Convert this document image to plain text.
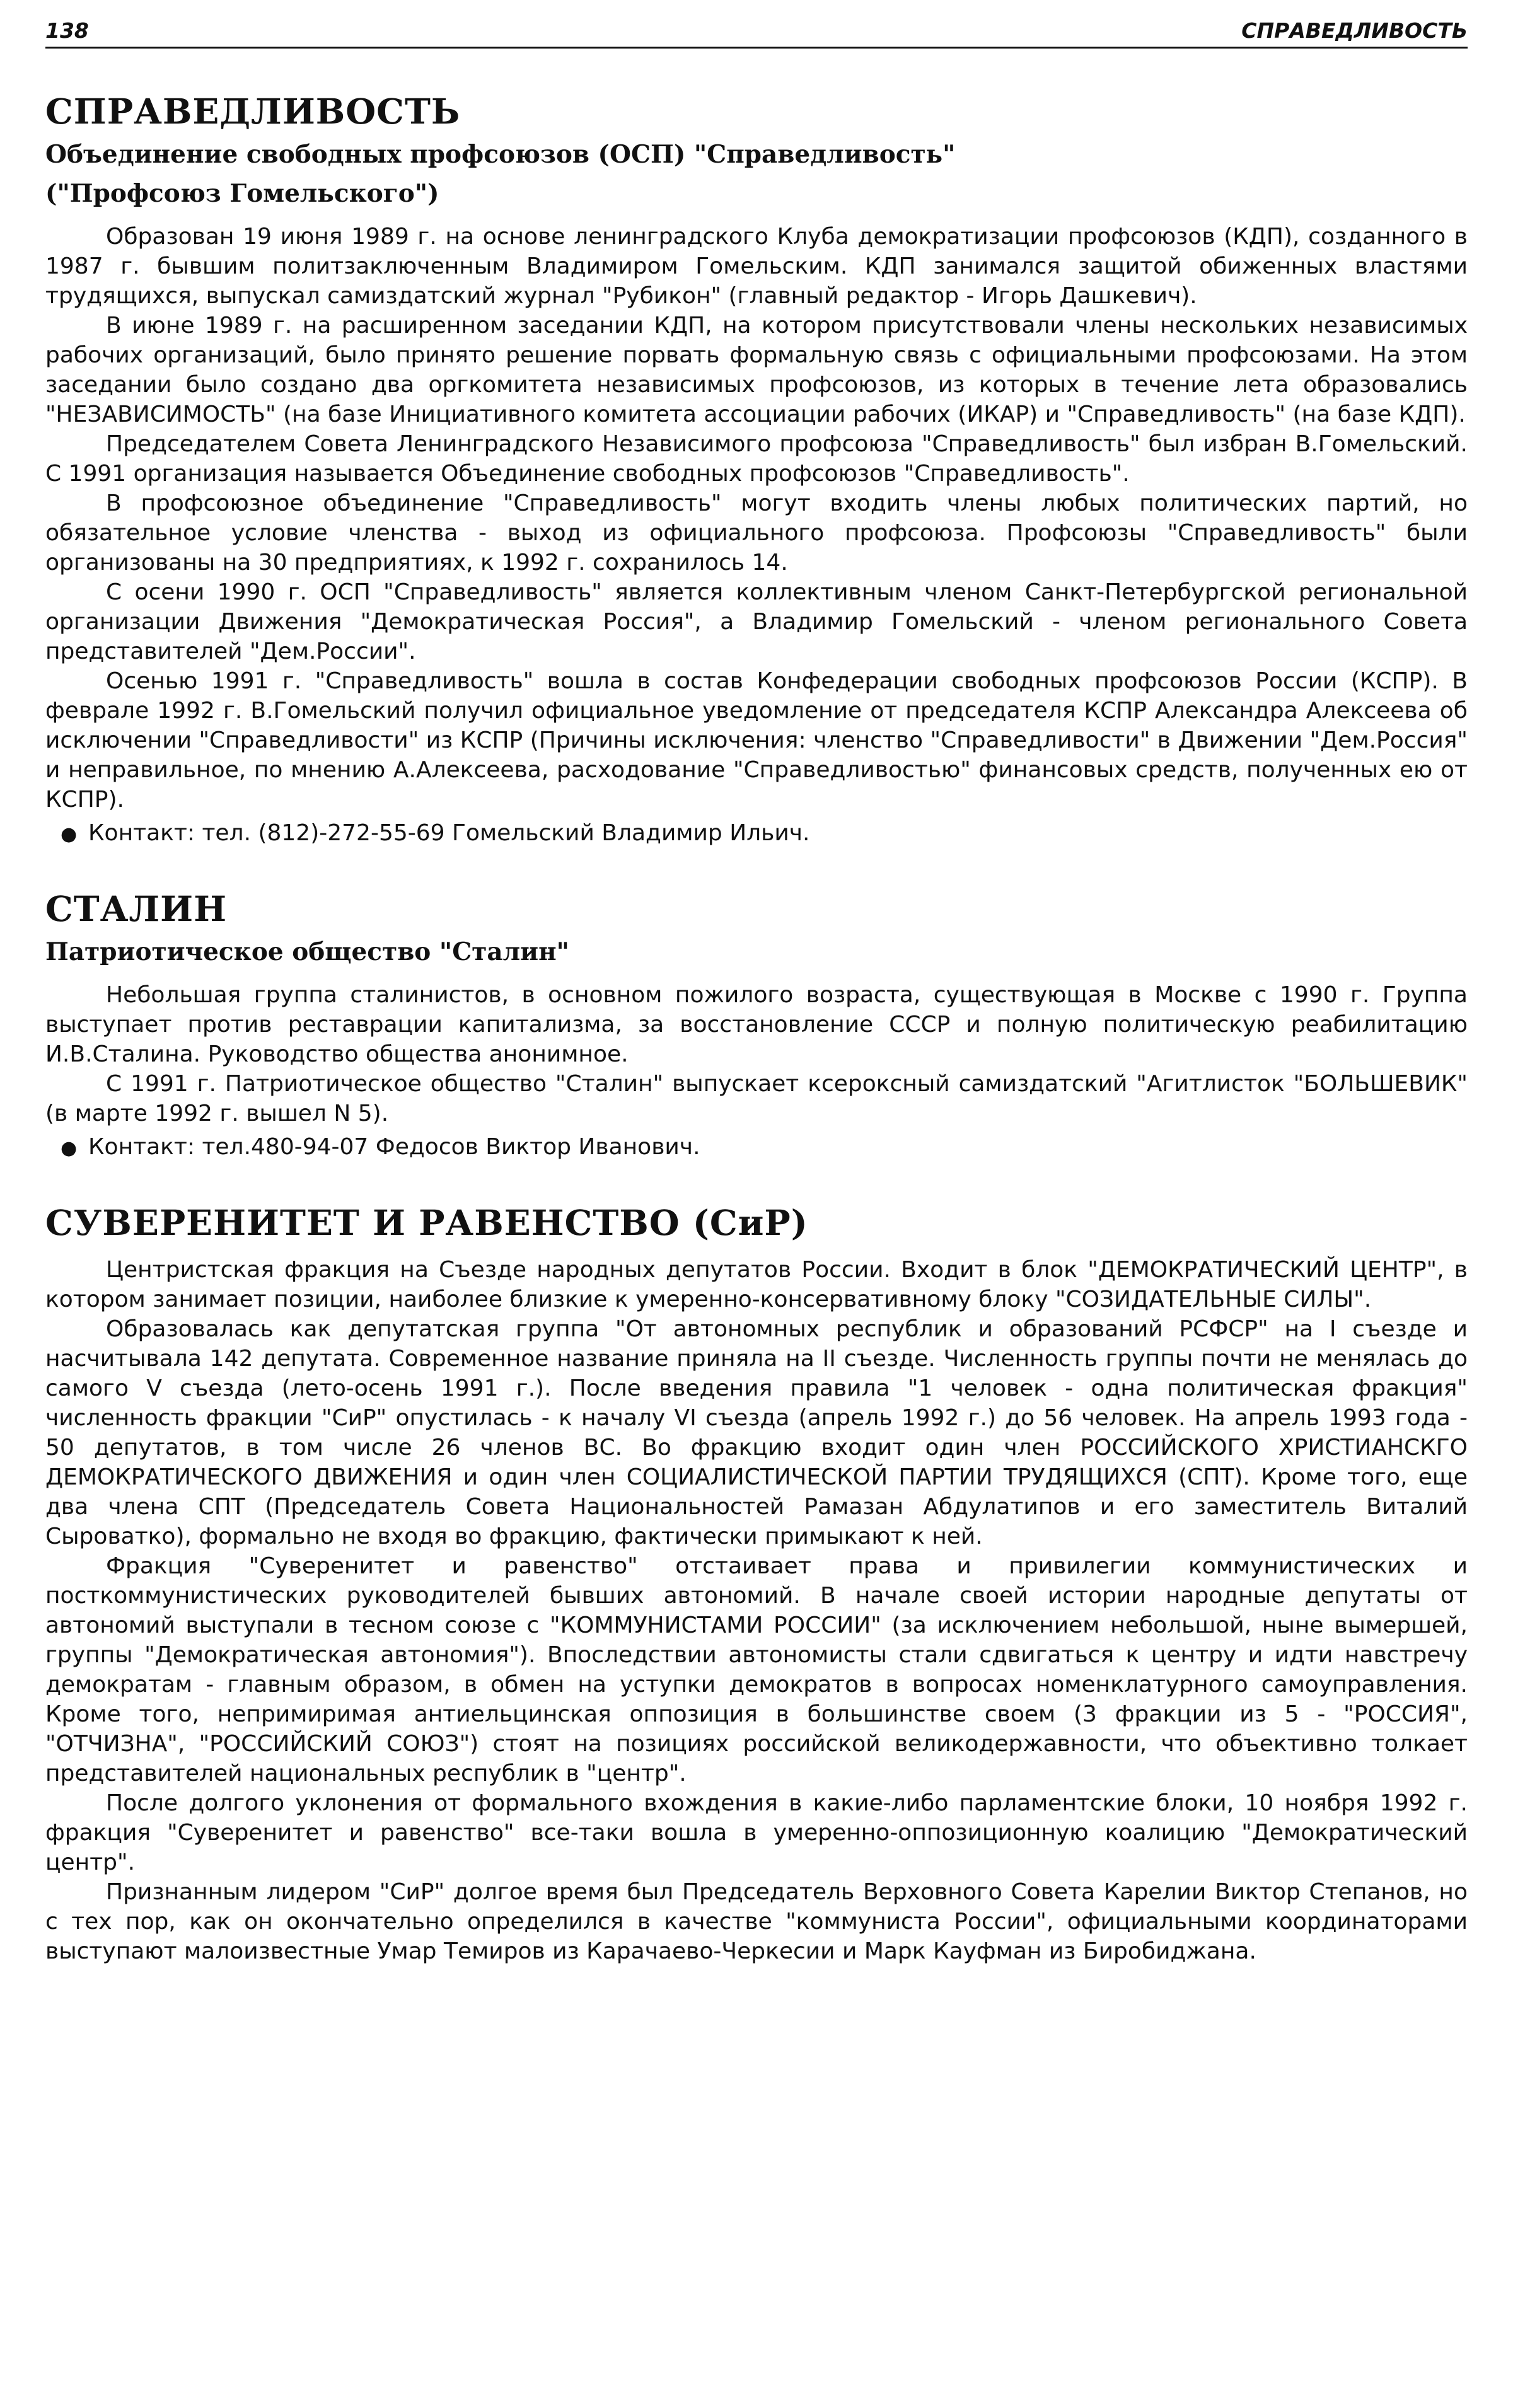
138	СПРАВЕДЛИВОСТЬ
СПРАВЕДЛИВОСТЬ
Объединение свободных профсоюзов (ОСП) "Справедливость"
("Профсоюз Гомельского")

Образован 19 июня 1989 г. на основе ленинградского Клуба демократизации профсоюзов (КДП), созданного в 1987 г. бывшим политзаключенным Владимиром Гомельским. КДП занимался защитой обиженных властями трудящихся, выпускал самиздатский журнал "Рубикон" (главный редактор - Игорь Дашкевич).

В июне 1989 г. на расширенном заседании КДП, на котором присутствовали члены нескольких независимых рабочих организаций, было принято решение порвать формальную связь с официальными профсоюзами. На этом заседании было создано два оргкомитета независимых профсоюзов, из которых в течение лета образовались "НЕЗАВИСИМОСТЬ" (на базе Инициативного комитета ассоциации рабочих (ИКАР) и "Справедливость" (на базе КДП).

Председателем Совета Ленинградского Независимого профсоюза "Справедливость" был избран В.Гомельский. С 1991 организация называется Объединение свободных профсоюзов "Справедливость".

В профсоюзное объединение "Справедливость" могут входить члены любых политических партий, но обязательное условие членства - выход из официального профсоюза. Профсоюзы "Справедливость" были организованы на 30 предприятиях, к 1992 г. сохранилось 14.

С осени 1990 г. ОСП "Справедливость" является коллективным членом Санкт-Петербургской региональной организации Движения "Демократическая Россия", а Владимир Гомельский - членом регионального Совета представителей "Дем.России".

Осенью 1991 г. "Справедливость" вошла в состав Конфедерации свободных профсоюзов России (КСПР). В феврале 1992 г. В.Гомельский получил официальное уведомление от председателя КСПР Александра Алексеева об исключении "Справедливости" из КСПР (Причины исключения: членство "Справедливости" в Движении "Дем.Россия" и неправильное, по мнению А.Алексеева, расходование "Справедливостью" финансовых средств, полученных ею от КСПР).

● Контакт: тел. (812)-272-55-69 Гомельский Владимир Ильич.

СТАЛИН
Патриотическое общество "Сталин"

Небольшая группа сталинистов, в основном пожилого возраста, существующая в Москве с 1990 г. Группа выступает против реставрации капитализма, за восстановление СССР и полную политическую реабилитацию И.В.Сталина. Руководство общества анонимное.

С 1991 г. Патриотическое общество "Сталин" выпускает ксероксный самиздатский "Агитлисток "БОЛЬШЕВИК" (в марте 1992 г. вышел N 5).

● Контакт: тел.480-94-07 Федосов Виктор Иванович.

СУВЕРЕНИТЕТ И РАВЕНСТВО (СиР)

Центристская фракция на Съезде народных депутатов России. Входит в блок "ДЕМОКРАТИЧЕСКИЙ ЦЕНТР", в котором занимает позиции, наиболее близкие к умеренно-консервативному блоку "СОЗИДАТЕЛЬНЫЕ СИЛЫ".

Образовалась как депутатская группа "От автономных республик и образований РСФСР" на I съезде и насчитывала 142 депутата. Современное название приняла на II съезде. Численность группы почти не менялась до самого V съезда (лето-осень 1991 г.). После введения правила "1 человек - одна политическая фракция" численность фракции "СиР" опустилась - к началу VI съезда (апрель 1992 г.) до 56 человек. На апрель 1993 года - 50 депутатов, в том числе 26 членов ВС. Во фракцию входит один член РОССИЙСКОГО ХРИСТИАНСКГО ДЕМОКРАТИЧЕСКОГО ДВИЖЕНИЯ и один член СОЦИАЛИСТИЧЕСКОЙ ПАРТИИ ТРУДЯЩИХСЯ (СПТ). Кроме того, еще два члена СПТ (Председатель Совета Национальностей Рамазан Абдулатипов и его заместитель Виталий Сыроватко), формально не входя во фракцию, фактически примыкают к ней.

Фракция "Суверенитет и равенство" отстаивает права и привилегии коммунистических и посткоммунистических руководителей бывших автономий. В начале своей истории народные депутаты от автономий выступали в тесном союзе с "КОММУНИСТАМИ РОССИИ" (за исключением небольшой, ныне вымершей, группы "Демократическая автономия"). Впоследствии автономисты стали сдвигаться к центру и идти навстречу демократам - главным образом, в обмен на уступки демократов в вопросах номенклатурного самоуправления. Кроме того, непримиримая антиельцинская оппозиция в большинстве своем (3 фракции из 5 - "РОССИЯ", "ОТЧИЗНА", "РОССИЙСКИЙ СОЮЗ") стоят на позициях российской великодержавности, что объективно толкает представителей национальных республик в "центр".

После долгого уклонения от формального вхождения в какие-либо парламентские блоки, 10 ноября 1992 г. фракция "Суверенитет и равенство" все-таки вошла в умеренно-оппозиционную коалицию "Демократический центр".

Признанным лидером "СиР" долгое время был Председатель Верховного Совета Карелии Виктор Степанов, но с тех пор, как он окончательно определился в качестве "коммуниста России", официальными координаторами выступают малоизвестные Умар Темиров из Карачаево-Черкесии и Марк Кауфман из Биробиджана.
